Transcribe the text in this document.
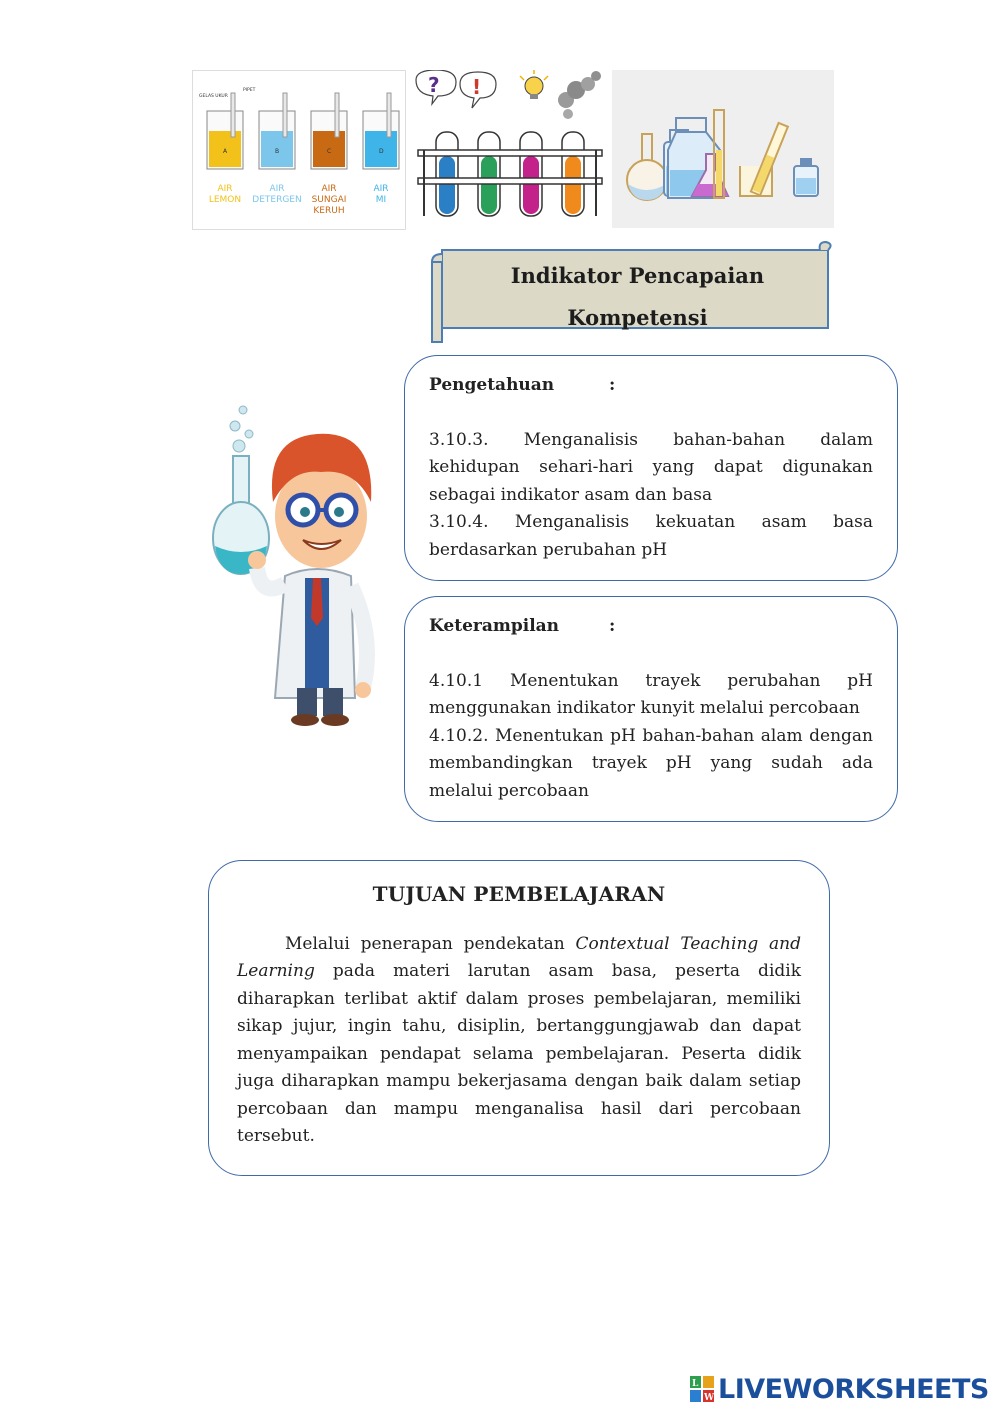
GELAS UKUR
PIPET
A
AIR
LEMON
B
AIR
DETERGEN
C
AIR
SUNGAI
KERUH
D
AIR
MI
? !
Indikator Pencapaian
Kompetensi
Pengetahuan	:
3.10.3. Menganalisis bahan-bahan dalam kehidupan sehari-hari yang dapat digunakan sebagai indikator asam dan basa
3.10.4. Menganalisis kekuatan asam basa berdasarkan perubahan pH
Keterampilan	:
4.10.1 Menentukan trayek perubahan pH menggunakan indikator kunyit melalui percobaan
4.10.2. Menentukan pH bahan-bahan alam dengan membandingkan trayek pH yang sudah ada melalui percobaan
TUJUAN PEMBELAJARAN
Melalui penerapan pendekatan Contextual Teaching and Learning pada materi larutan asam basa, peserta didik diharapkan terlibat aktif dalam proses pembelajaran, memiliki sikap jujur, ingin tahu, disiplin, bertanggungjawab dan dapat menyampaikan pendapat selama pembelajaran. Peserta didik juga diharapkan mampu bekerjasama dengan baik dalam setiap percobaan dan mampu menganalisa hasil dari percobaan tersebut.
L
W LIVEWORKSHEETS
